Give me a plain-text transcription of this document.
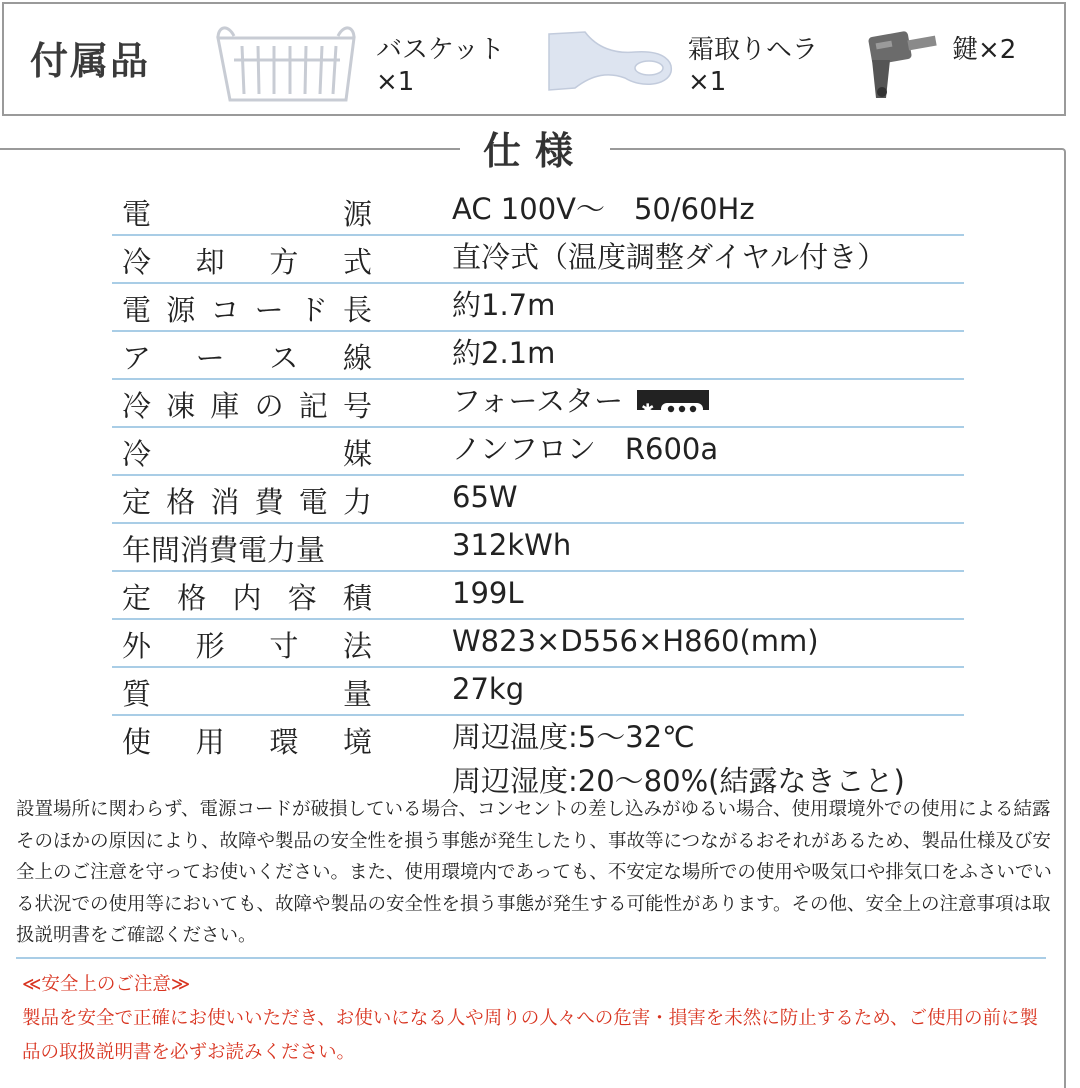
付属品	バスケット
×1
霜取りヘラ
×1
鍵×2
仕様
電	源	AC 100V〜　50/60Hz
冷 却 方 式	直冷式（温度調整ダイヤル付き）
電 源 コ ー ド 長	約1.7m
ア ー ス 線	約2.1m
冷 凍 庫 の 記 号	フォースター ✱
冷	媒	ノンフロン　R600a
定 格 消 費 電 力	65W
年間消費電力量	312kWh
定 格 内 容 積	199L
外 形 寸 法	W823×D556×H860(mm)
質	量	27kg
使 用 環 境	周辺温度:5〜32℃
周辺湿度:20〜80%(結露なきこと)
設置場所に関わらず、電源コードが破損している場合、コンセントの差し込みがゆるい場合、使用環境外での使用による結露そのほかの原因により、故障や製品の安全性を損う事態が発生したり、事故等につながるおそれがあるため、製品仕様及び安全上のご注意を守ってお使いください。また、使用環境内であっても、不安定な場所での使用や吸気口や排気口をふさいでいる状況での使用等においても、故障や製品の安全性を損う事態が発生する可能性があります。その他、安全上の注意事項は取扱説明書をご確認ください。
≪安全上のご注意≫
製品を安全で正確にお使いいただき、お使いになる人や周りの人々への危害・損害を未然に防止するため、ご使用の前に製品の取扱説明書を必ずお読みください。
